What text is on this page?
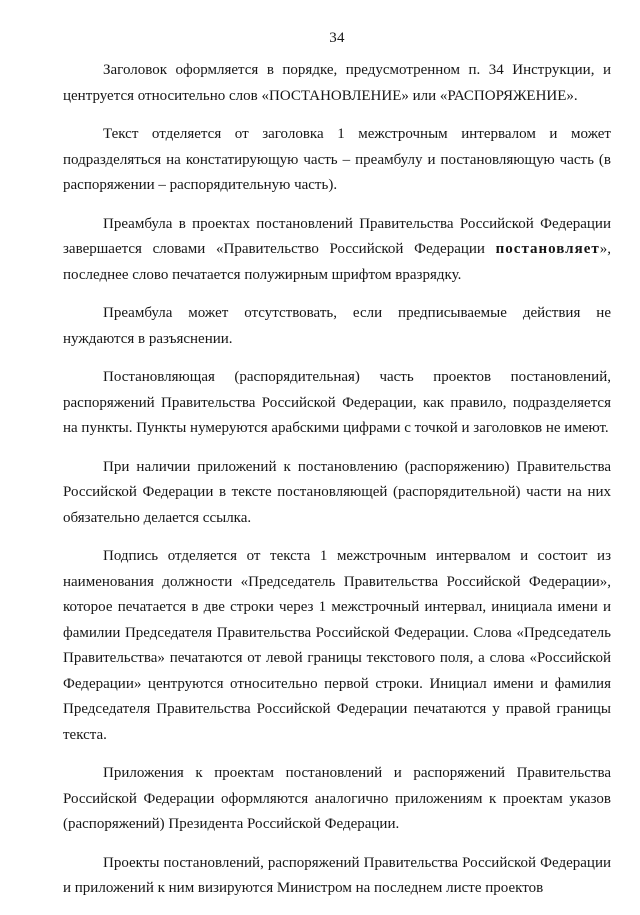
34

Заголовок оформляется в порядке, предусмотренном п. 34 Инструкции, и центруется относительно слов «ПОСТАНОВЛЕНИЕ» или «РАСПОРЯЖЕНИЕ».

Текст отделяется от заголовка 1 межстрочным интервалом и может подразделяться на констатирующую часть – преамбулу и постановляющую часть (в распоряжении – распорядительную часть).

Преамбула в проектах постановлений Правительства Российской Федерации завершается словами «Правительство Российской Федерации постановляет», последнее слово печатается полужирным шрифтом вразрядку.

Преамбула может отсутствовать, если предписываемые действия не нуждаются в разъяснении.

Постановляющая (распорядительная) часть проектов постановлений, распоряжений Правительства Российской Федерации, как правило, подразделяется на пункты. Пункты нумеруются арабскими цифрами с точкой и заголовков не имеют.

При наличии приложений к постановлению (распоряжению) Правительства Российской Федерации в тексте постановляющей (распорядительной) части на них обязательно делается ссылка.

Подпись отделяется от текста 1 межстрочным интервалом и состоит из наименования должности «Председатель Правительства Российской Федерации», которое печатается в две строки через 1 межстрочный интервал, инициала имени и фамилии Председателя Правительства Российской Федерации. Слова «Председатель Правительства» печатаются от левой границы текстового поля, а слова «Российской Федерации» центруются относительно первой строки. Инициал имени и фамилия Председателя Правительства Российской Федерации печатаются у правой границы текста.

Приложения к проектам постановлений и распоряжений Правительства Российской Федерации оформляются аналогично приложениям к проектам указов (распоряжений) Президента Российской Федерации.

Проекты постановлений, распоряжений Правительства Российской Федерации и приложений к ним визируются Министром на последнем листе проектов
